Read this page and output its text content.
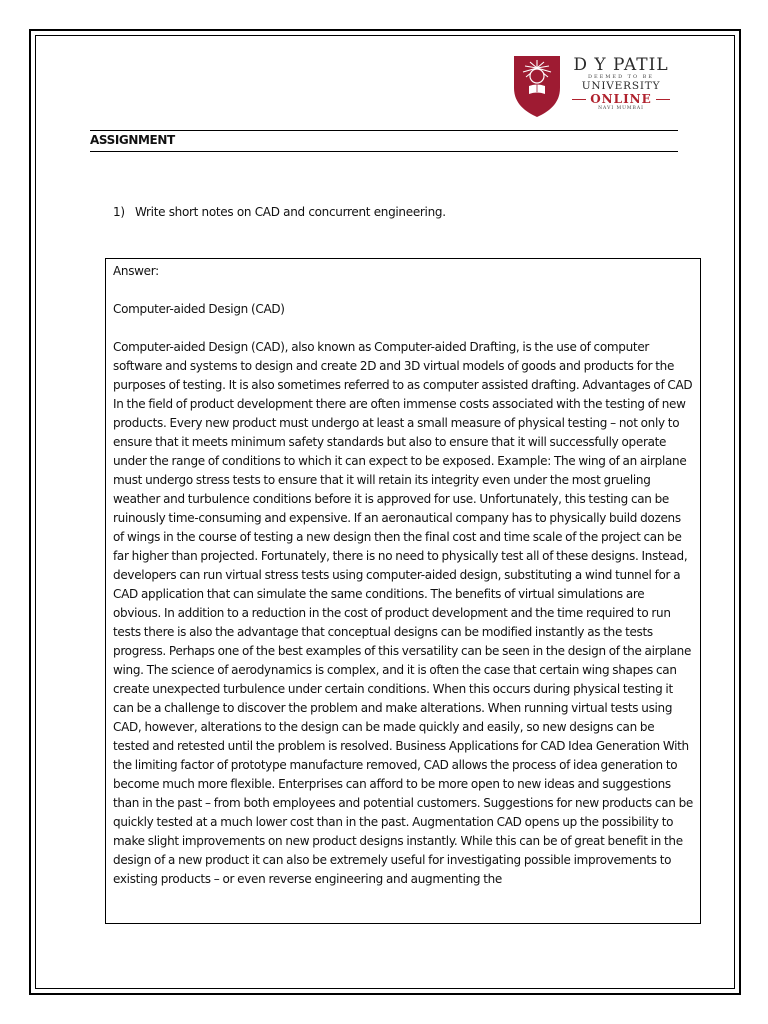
D Y PATIL
DEEMED TO BE
UNIVERSITY
ONLINE
NAVI MUMBAI
ASSIGNMENT
1) Write short notes on CAD and concurrent engineering.

Answer:

Computer-aided Design (CAD)

Computer-aided Design (CAD), also known as Computer-aided Drafting, is the use of computer software and systems to design and create 2D and 3D virtual models of goods and products for the purposes of testing. It is also sometimes referred to as computer assisted drafting. Advantages of CAD In the field of product development there are often immense costs associated with the testing of new products. Every new product must undergo at least a small measure of physical testing – not only to ensure that it meets minimum safety standards but also to ensure that it will successfully operate under the range of conditions to which it can expect to be exposed. Example: The wing of an airplane must undergo stress tests to ensure that it will retain its integrity even under the most grueling weather and turbulence conditions before it is approved for use. Unfortunately, this testing can be ruinously time-consuming and expensive. If an aeronautical company has to physically build dozens of wings in the course of testing a new design then the final cost and time scale of the project can be far higher than projected. Fortunately, there is no need to physically test all of these designs. Instead, developers can run virtual stress tests using computer-aided design, substituting a wind tunnel for a CAD application that can simulate the same conditions. The benefits of virtual simulations are obvious. In addition to a reduction in the cost of product development and the time required to run tests there is also the advantage that conceptual designs can be modified instantly as the tests progress. Perhaps one of the best examples of this versatility can be seen in the design of the airplane wing. The science of aerodynamics is complex, and it is often the case that certain wing shapes can create unexpected turbulence under certain conditions. When this occurs during physical testing it can be a challenge to discover the problem and make alterations. When running virtual tests using CAD, however, alterations to the design can be made quickly and easily, so new designs can be tested and retested until the problem is resolved. Business Applications for CAD Idea Generation With the limiting factor of prototype manufacture removed, CAD allows the process of idea generation to become much more flexible. Enterprises can afford to be more open to new ideas and suggestions than in the past – from both employees and potential customers. Suggestions for new products can be quickly tested at a much lower cost than in the past. Augmentation CAD opens up the possibility to make slight improvements on new product designs instantly. While this can be of great benefit in the design of a new product it can also be extremely useful for investigating possible improvements to existing products – or even reverse engineering and augmenting the
